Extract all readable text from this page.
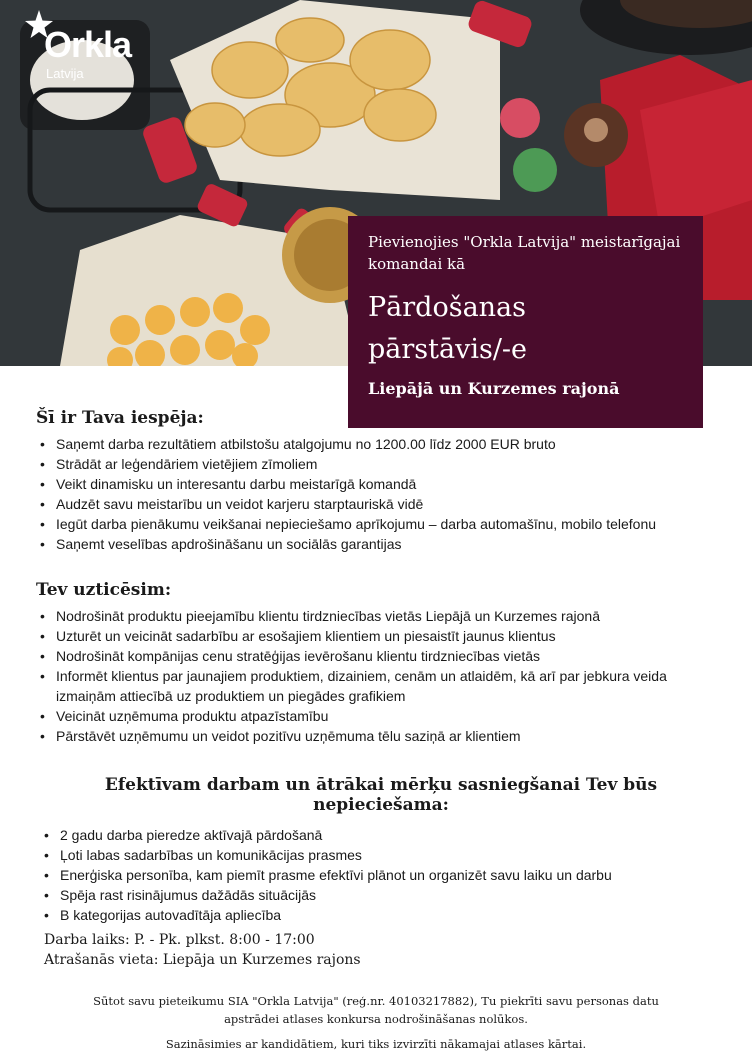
Orkla
Latvija
Pievienojies "Orkla Latvija" meistarīgajai komandai kā
Pārdošanas
pārstāvis/-e
Liepājā un Kurzemes rajonā
Šī ir Tava iespēja:
• Saņemt darba rezultātiem atbilstošu atalgojumu no 1200.00 līdz 2000 EUR bruto
• Strādāt ar leģendāriem vietējiem zīmoliem
• Veikt dinamisku un interesantu darbu meistarīgā komandā
• Audzēt savu meistarību un veidot karjeru starptauriskā vidē
• Iegūt darba pienākumu veikšanai nepieciešamo aprīkojumu – darba automašīnu, mobilo telefonu
• Saņemt veselības apdrošināšanu un sociālās garantijas
Tev uzticēsim:
• Nodrošināt produktu pieejamību klientu tirdzniecības vietās Liepājā un Kurzemes rajonā
• Uzturēt un veicināt sadarbību ar esošajiem klientiem un piesaistīt jaunus klientus
• Nodrošināt kompānijas cenu stratēģijas ievērošanu klientu tirdzniecības vietās
• Informēt klientus par jaunajiem produktiem, dizainiem, cenām un atlaidēm, kā arī par jebkura veida izmaiņām attiecībā uz produktiem un piegādes grafikiem
• Veicināt uzņēmuma produktu atpazīstamību
• Pārstāvēt uzņēmumu un veidot pozitīvu uzņēmuma tēlu saziņā ar klientiem
Efektīvam darbam un ātrākai mērķu sasniegšanai Tev būs nepieciešama:
• 2 gadu darba pieredze aktīvajā pārdošanā
• Ļoti labas sadarbības un komunikācijas prasmes
• Enerģiska personība, kam piemīt prasme efektīvi plānot un organizēt savu laiku un darbu
• Spēja rast risinājumus dažādās situācijās
• B kategorijas autovadītāja apliecība
Darba laiks: P. - Pk. plkst. 8:00 - 17:00
Atrašanās vieta: Liepāja un Kurzemes rajons
Sūtot savu pieteikumu SIA "Orkla Latvija" (reģ.nr. 40103217882), Tu piekrīti savu personas datu apstrādei atlases konkursa nodrošināšanas nolūkos.
Sazināsimies ar kandidātiem, kuri tiks izvirzīti nākamajai atlases kārtai.
